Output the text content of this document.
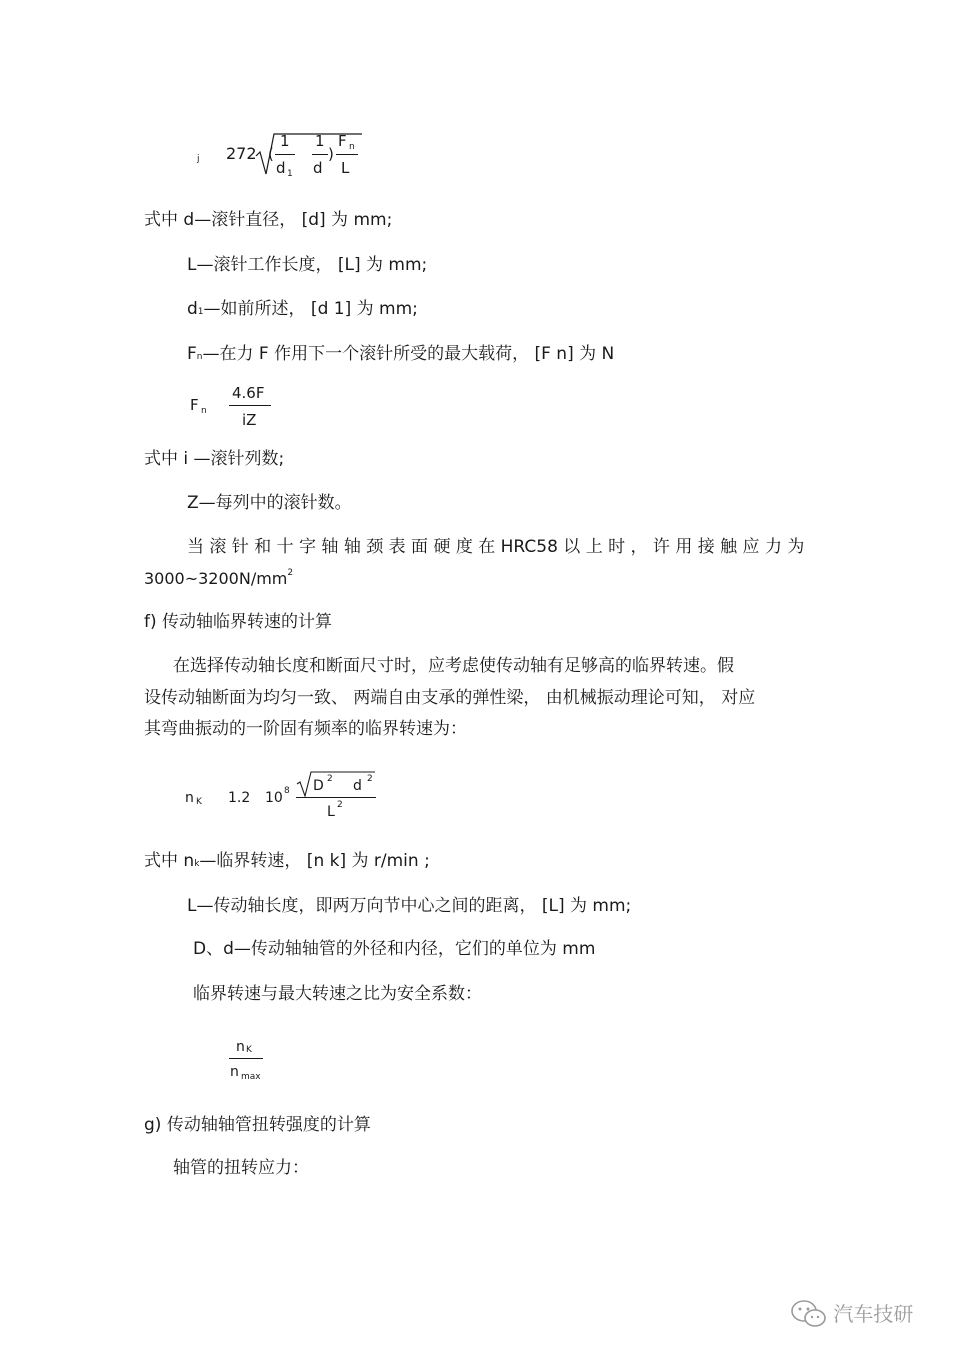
j 272 (
1
d 1
1
d
)
F n
L
式中 d—滚针直径， [d] 为 mm;
L—滚针工作长度， [L] 为 mm;
d1—如前所述， [d 1] 为 mm;
Fn—在力 F 作用下一个滚针所受的最大载荷， [F n] 为 N
F n
4.6F
iZ
式中 i —滚针列数;
Z—每列中的滚针数。
当 滚 针 和 十 字 轴 轴 颈 表 面 硬 度 在 HRC58 以 上 时 ， 许 用 接 触 应 力 为
$3000\sim 3200N/mm^2$
f) 传动轴临界转速的计算
在选择传动轴长度和断面尺寸时，应考虑使传动轴有足够高的临界转速。假
设传动轴断面为均匀一致、 两端自由支承的弹性梁， 由机械振动理论可知， 对应
其弯曲振动的一阶固有频率的临界转速为：
n K 1.2 10 8 D 2 d 2
L 2
式中 nk—临界转速， [n k] 为 r/min ;
L—传动轴长度，即两万向节中心之间的距离， [L] 为 mm;
D、d—传动轴轴管的外径和内径，它们的单位为 mm
临界转速与最大转速之比为安全系数：
n K
n max
g) 传动轴轴管扭转强度的计算
轴管的扭转应力：
汽车技研
